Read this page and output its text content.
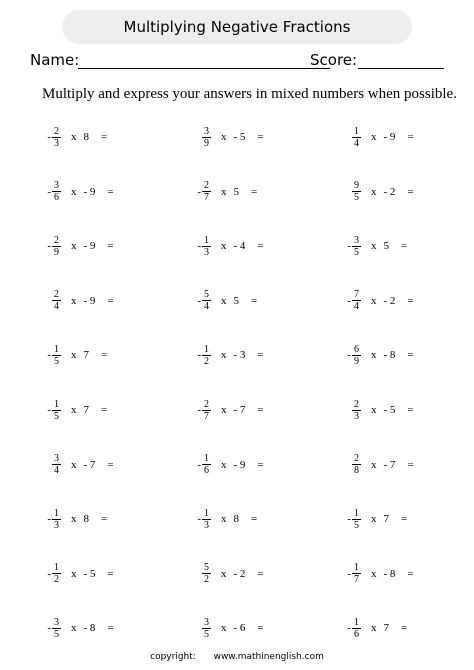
Multiplying Negative Fractions
Name:	Score:
Multiply and express your answers in mixed numbers when possible.
- $\frac{2}{3}$ x 8 =	$\frac{3}{9}$ x - 5 =	$\frac{1}{4}$ x - 9 =
- $\frac{3}{6}$ x - 9 =	- $\frac{2}{7}$ x 5 =	$\frac{9}{5}$ x - 2 =
- $\frac{2}{9}$ x - 9 =	- $\frac{1}{3}$ x - 4 =	- $\frac{3}{5}$ x 5 =
$\frac{2}{4}$ x - 9 =	- $\frac{5}{4}$ x 5 =	- $\frac{7}{4}$ x - 2 =
- $\frac{1}{5}$ x 7 =	- $\frac{1}{2}$ x - 3 =	- $\frac{6}{9}$ x - 8 =
- $\frac{1}{5}$ x 7 =	- $\frac{2}{7}$ x - 7 =	$\frac{2}{3}$ x - 5 =
$\frac{3}{4}$ x - 7 =	- $\frac{1}{6}$ x - 9 =	$\frac{2}{8}$ x - 7 =
- $\frac{1}{3}$ x 8 =	- $\frac{1}{3}$ x 8 =	- $\frac{1}{5}$ x 7 =
- $\frac{1}{2}$ x - 5 =	$\frac{5}{2}$ x - 2 =	- $\frac{1}{7}$ x - 8 =
- $\frac{3}{5}$ x - 8 =	$\frac{3}{5}$ x - 6 =	- $\frac{1}{6}$ x 7 =
copyright: www.mathinenglish.com
